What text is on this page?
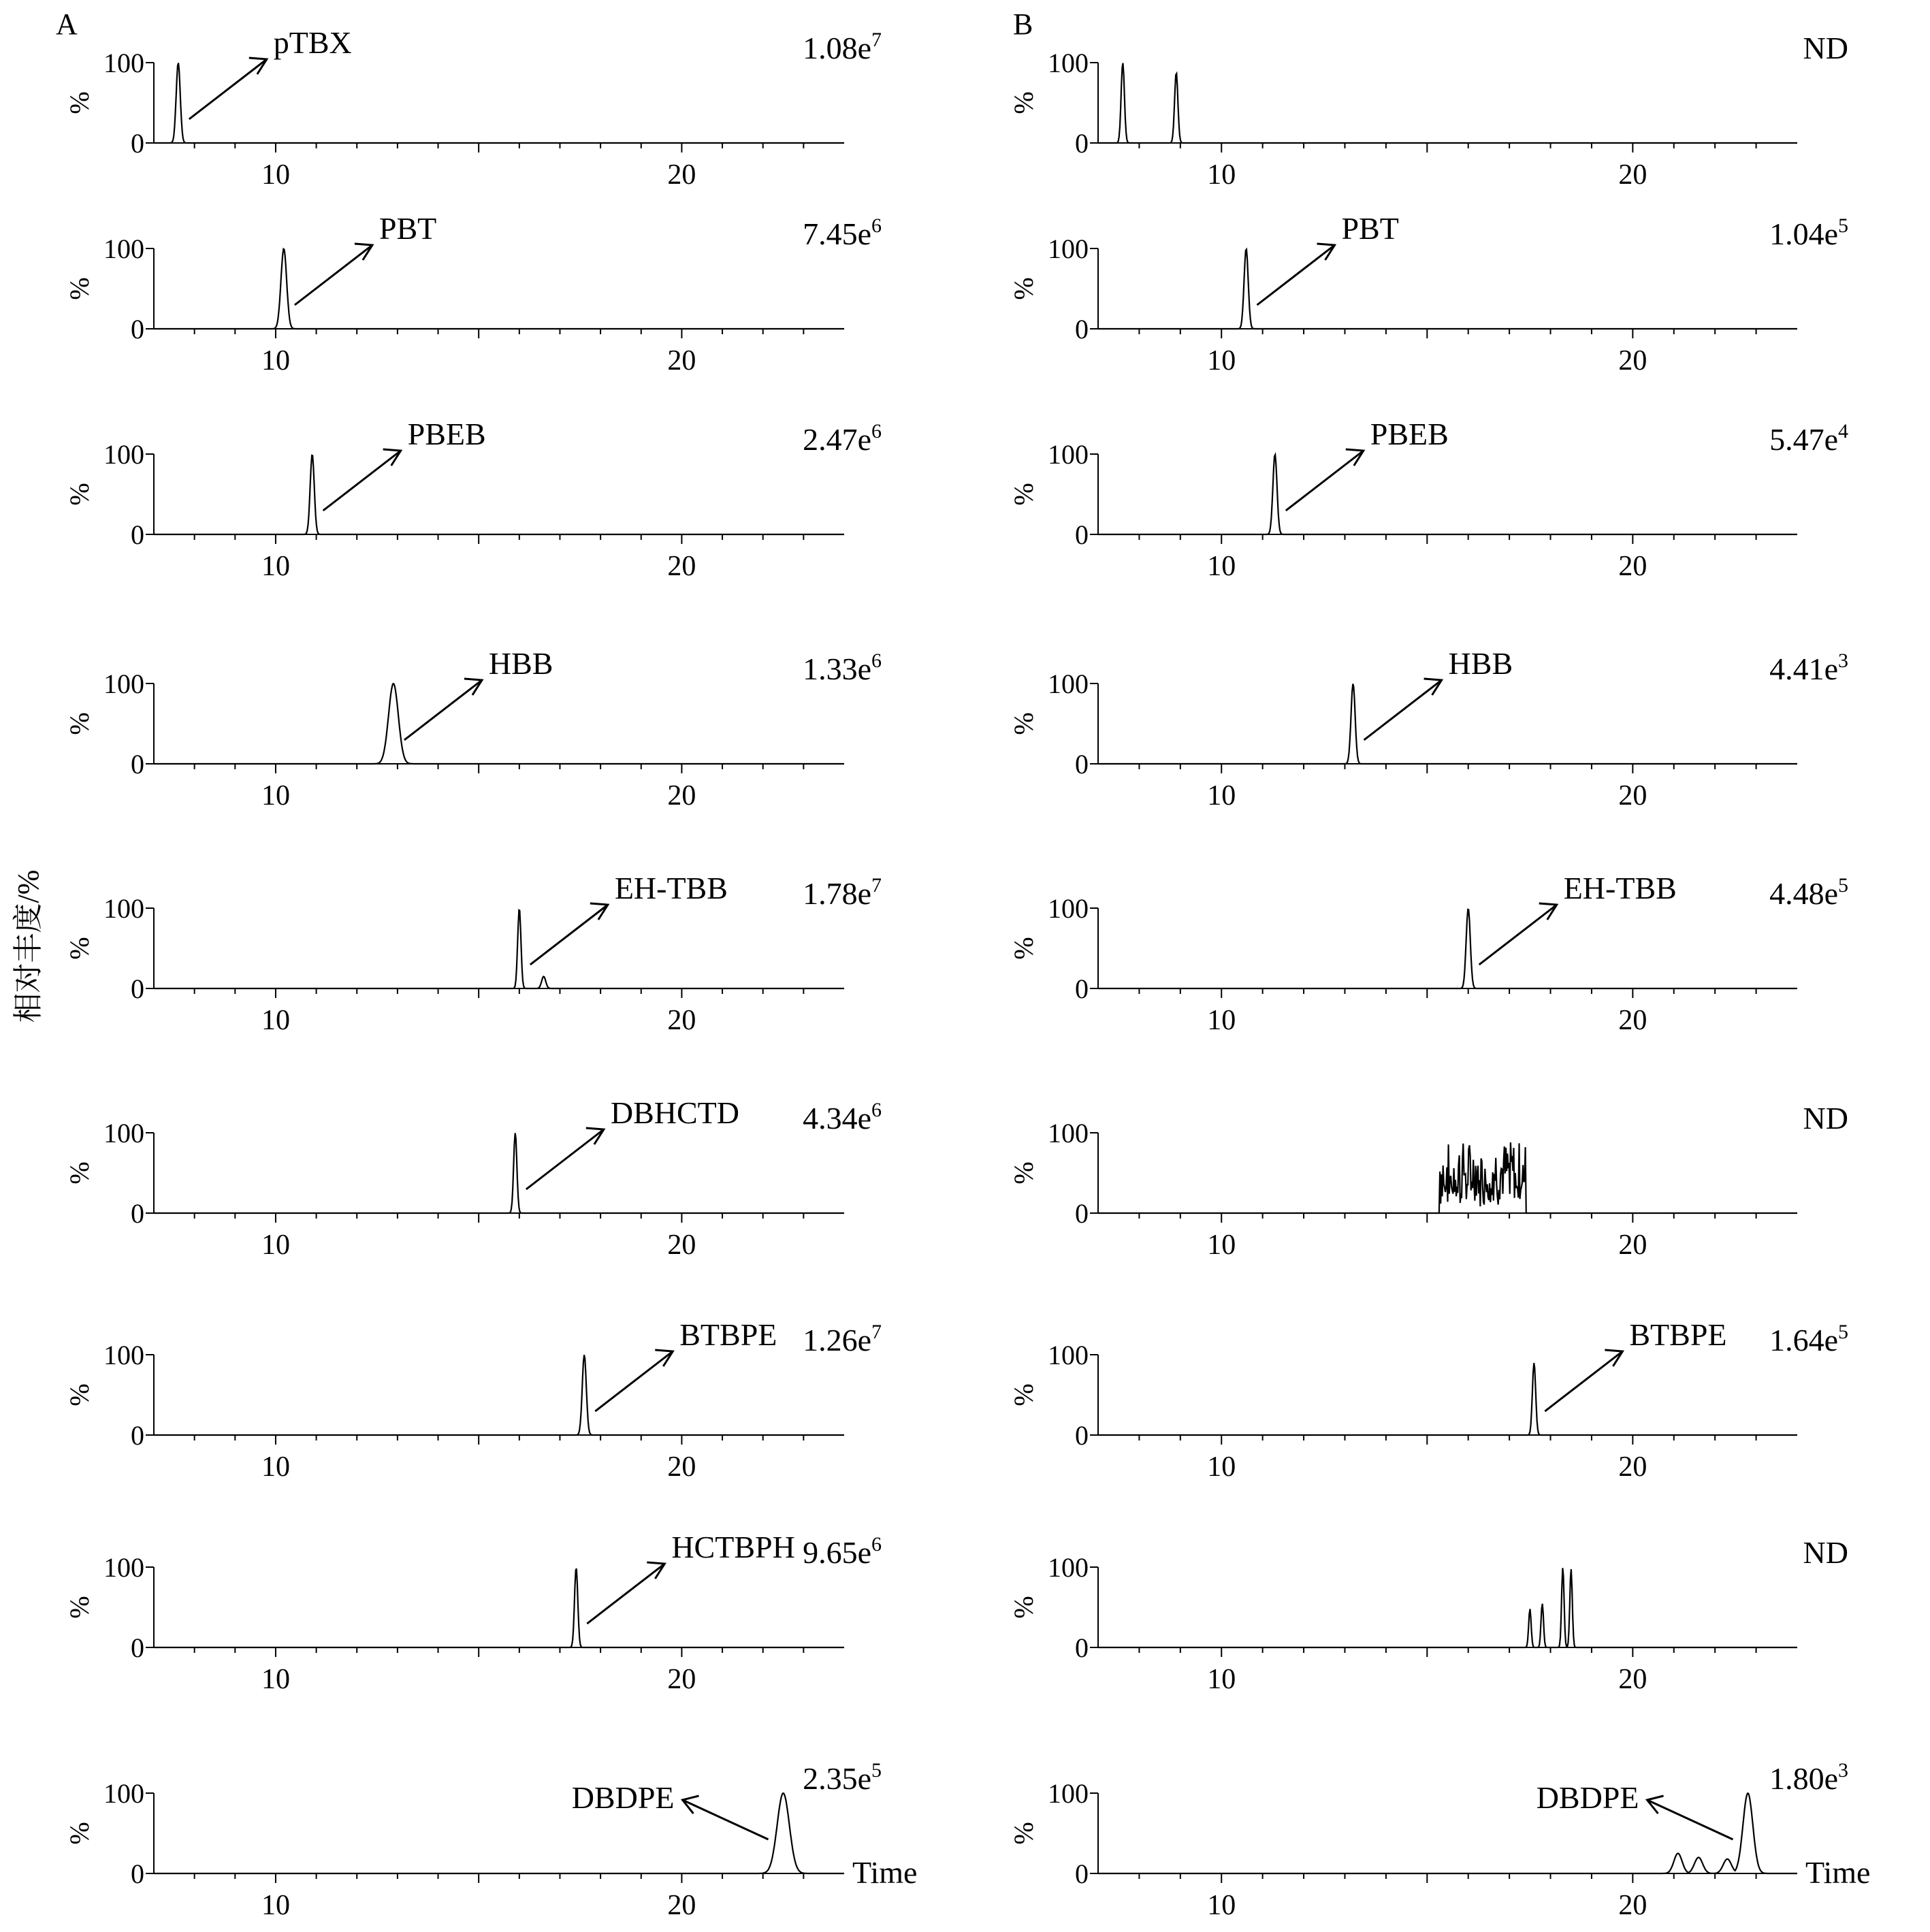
A
100
0
%
10	20
pTBX	$1.08e^7$
100
0
%
10	20
PBT	$7.45e^6$
100
0
%
10	20
PBEB	$2.47e^6$
100
0
%
10	20
HBB	$1.33e^6$
100
0
%
10	20
EH-TBB $1.78e^7$
100
0
%
10	20
DBHCTD $4.34e^6$
100
0
%
10	20
BTBPE $1.26e^7$
100
0
%
10	20
HCTBPH $9.65e^6$
100
0
%
10	20
DBDPE
$2.35e^5$
Time
B
100
0
%
10	20
ND
100
0
%
10	20
PBT	$1.04e^5$
100
0
%
10	20
PBEB	$5.47e^4$
100
0
%
10	20
HBB	$4.41e^3$
100
0
%
10	20
EH-TBB	$4.48e^5$
100
0
%
10	20
ND
100
0
%
10	20
BTBPE $1.64e^5$
100
0
%
10	20
ND
100
0
%
10	20
DBDPE
$1.80e^3$
Time
相对丰度/%
